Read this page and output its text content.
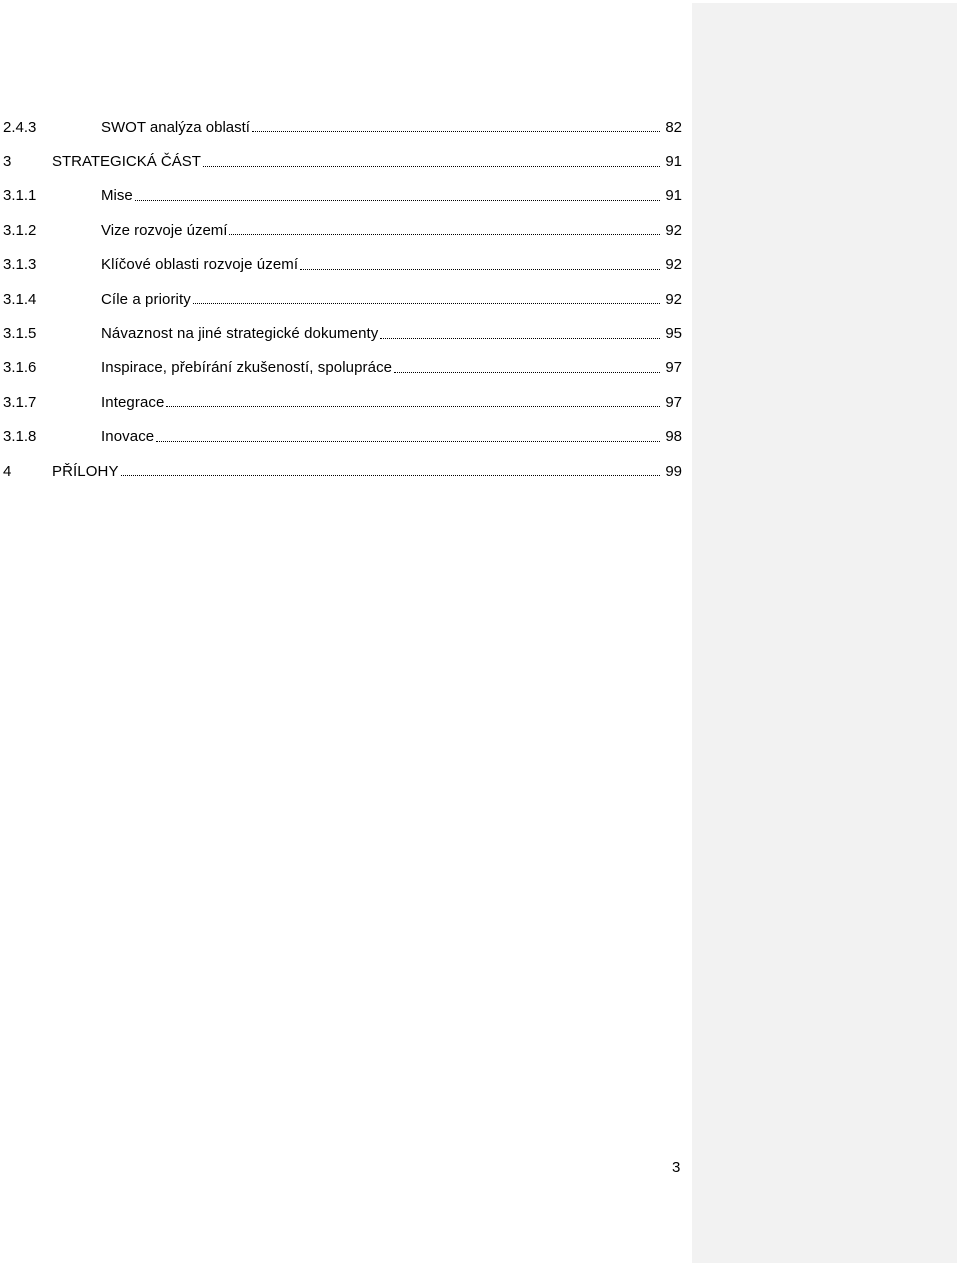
2.4.3	SWOT analýza oblastí	82
3	STRATEGICKÁ ČÁST	91
3.1.1	Mise	91
3.1.2	Vize rozvoje území	92
3.1.3	Klíčové oblasti rozvoje území	92
3.1.4	Cíle a priority	92
3.1.5	Návaznost na jiné strategické dokumenty	95
3.1.6	Inspirace, přebírání zkušeností, spolupráce	97
3.1.7	Integrace	97
3.1.8	Inovace	98
4	PŘÍLOHY	99
3
